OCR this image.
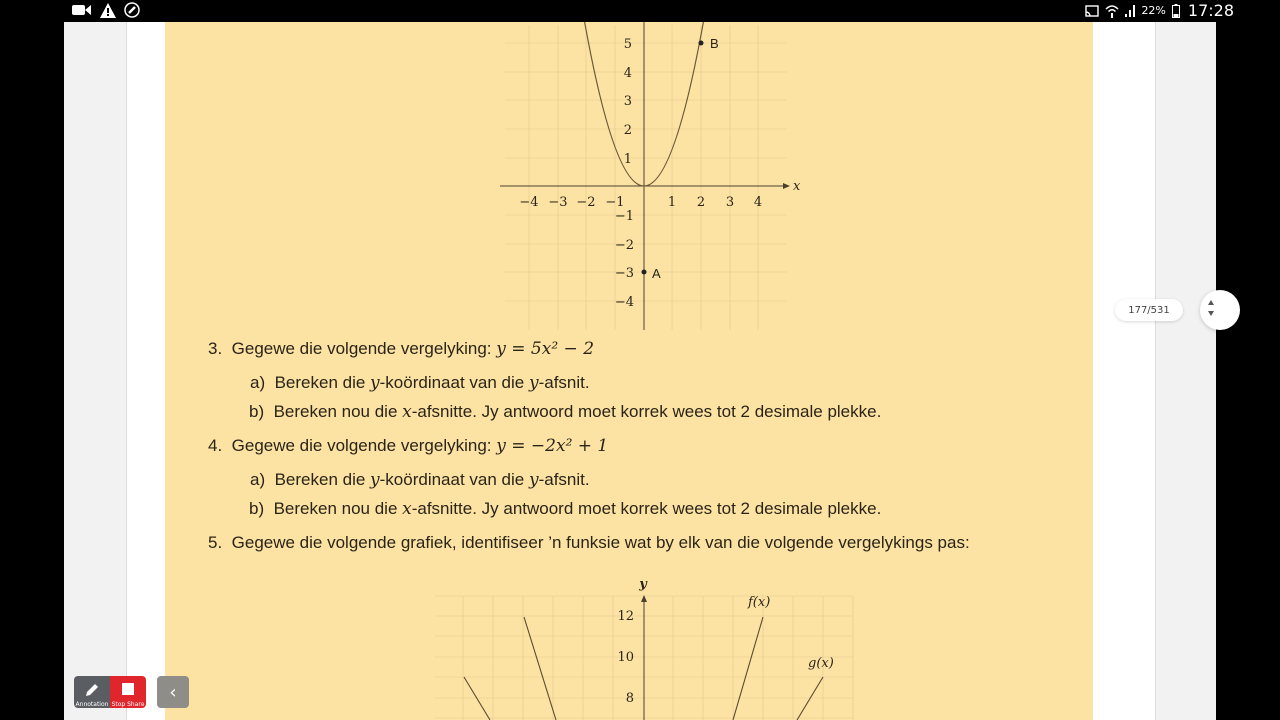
22% 17:28
5
4
3
2
1
−1
−2
−3
−4
−4 −3 −2 −1	1 2 3 4
x
A
B
3. Gegewe die volgende vergelyking: y = 5x² − 2
a) Bereken die y-koördinaat van die y-afsnit.
b) Bereken nou die x-afsnitte. Jy antwoord moet korrek wees tot 2 desimale plekke.
4. Gegewe die volgende vergelyking: y = −2x² + 1
a) Bereken die y-koördinaat van die y-afsnit.
b) Bereken nou die x-afsnitte. Jy antwoord moet korrek wees tot 2 desimale plekke.
5. Gegewe die volgende grafiek, identifiseer ’n funksie wat by elk van die volgende vergelykings pas:
12
10
8
y
f(x)
g(x)
177/531
Annotation Stop Share
‹
